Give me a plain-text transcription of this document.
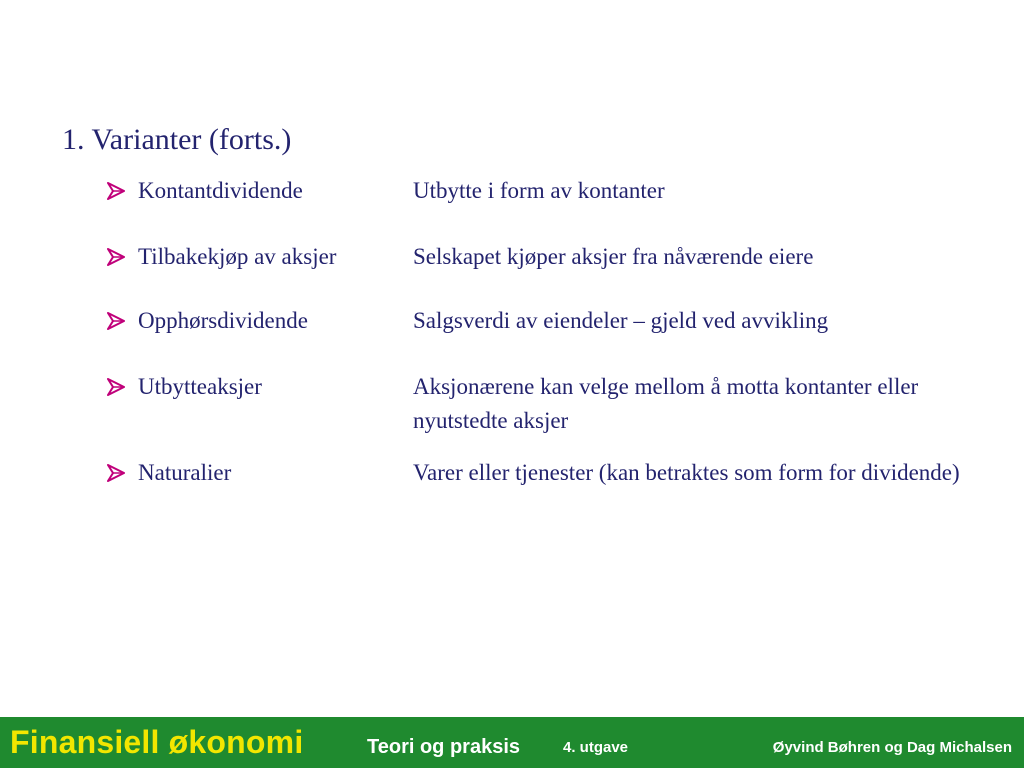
1. Varianter (forts.)
Kontantdividende	Utbytte i form av kontanter
Tilbakekjøp av aksjer	Selskapet kjøper aksjer fra nåværende eiere
Opphørsdividende	Salgsverdi av eiendeler – gjeld ved avvikling
Utbytteaksjer	Aksjonærene kan velge mellom å motta kontanter eller nyutstedte aksjer
Naturalier	Varer eller tjenester (kan betraktes som form for dividende)
Finansiell økonomi	Teori og praksis	4. utgave	Øyvind Bøhren og Dag Michalsen
